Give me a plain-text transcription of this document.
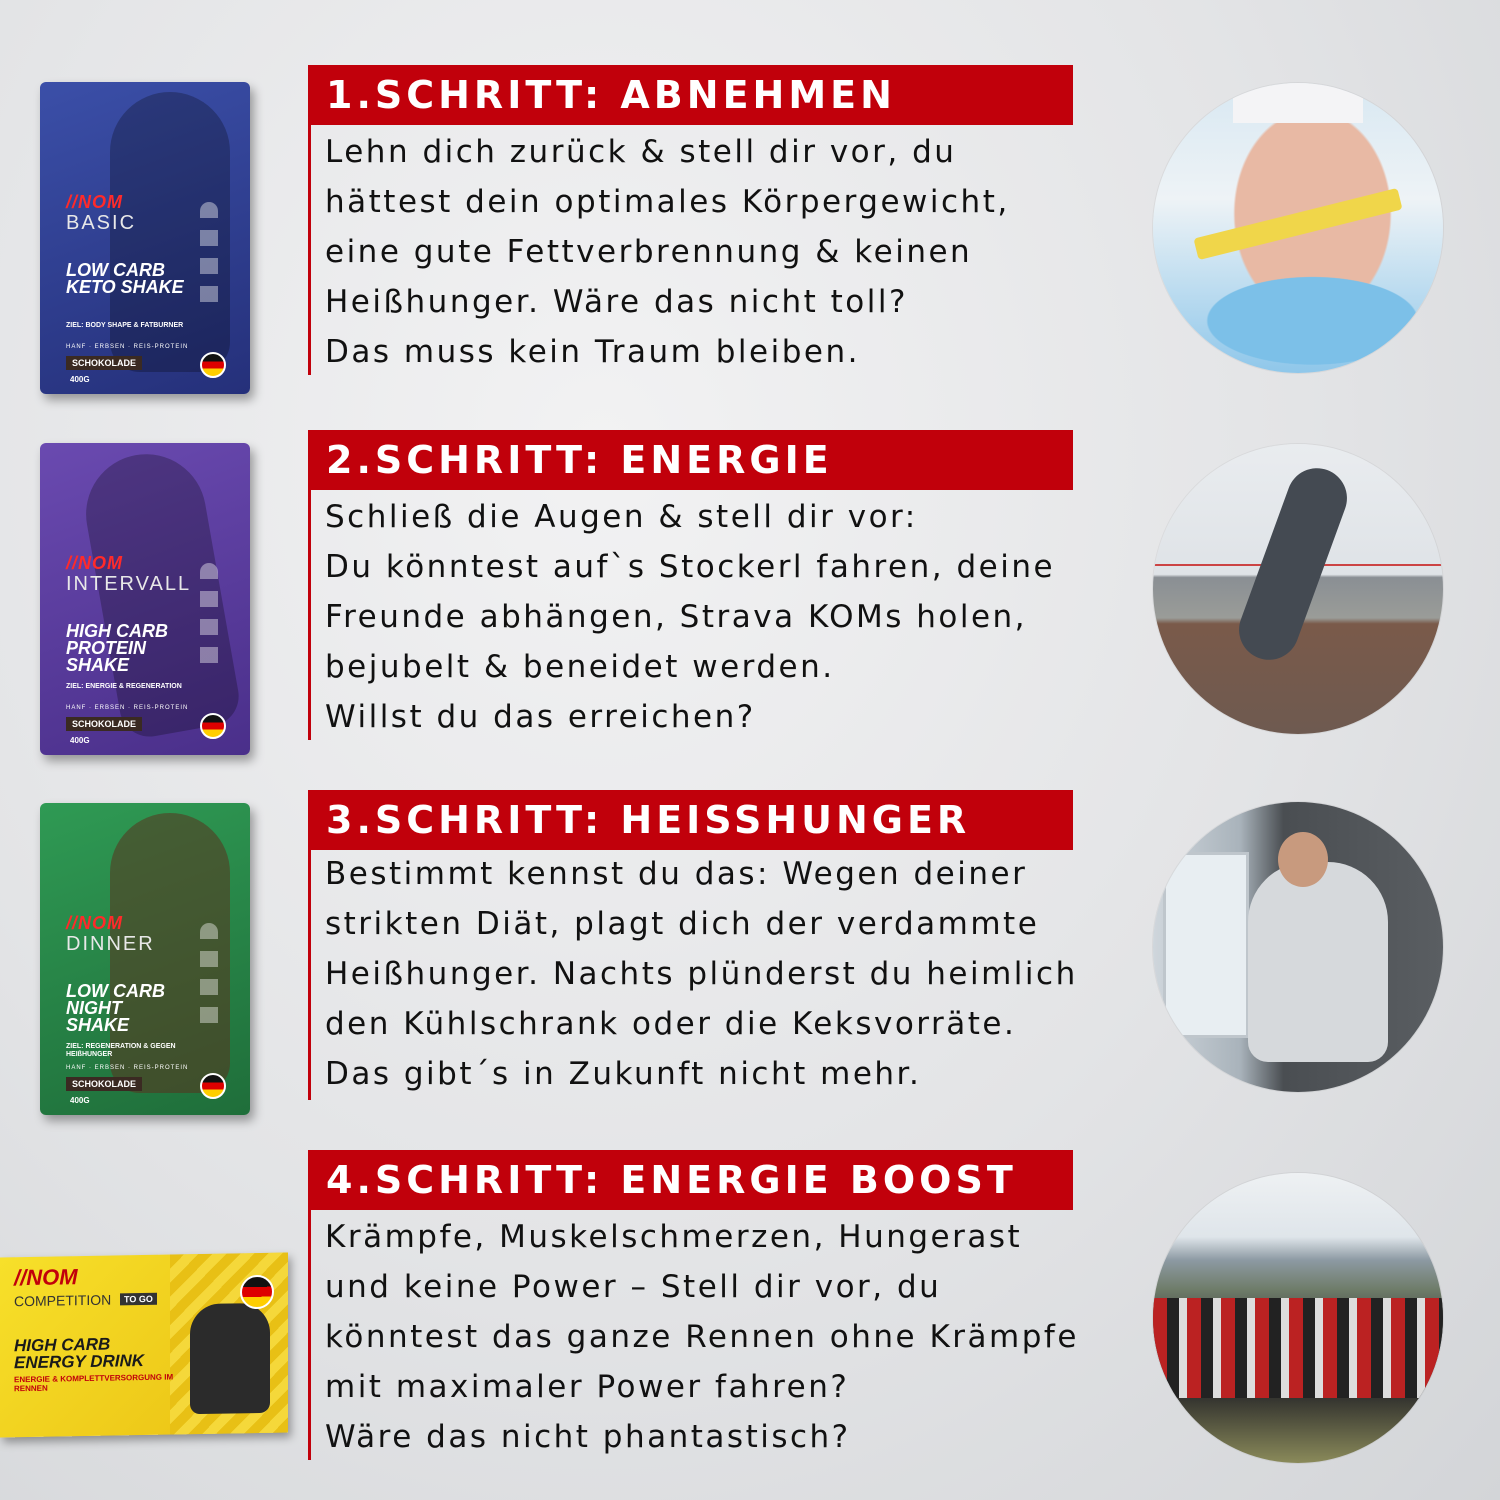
//NOM
BASIC
LOW CARB KETO SHAKE
ZIEL: BODY SHAPE & FATBURNER
HANF · ERBSEN · REIS-PROTEIN
SCHOKOLADE
400G
1.SCHRITT: ABNEHMEN
Lehn dich zurück & stell dir vor, du
hättest dein optimales Körpergewicht,
eine gute Fettverbrennung & keinen
Heißhunger. Wäre das nicht toll?
Das muss kein Traum bleiben.
//NOM
INTERVALL
HIGH CARB PROTEIN SHAKE
ZIEL: ENERGIE & REGENERATION
HANF · ERBSEN · REIS-PROTEIN
SCHOKOLADE
400G
2.SCHRITT: ENERGIE
Schließ die Augen & stell dir vor:
Du könntest auf`s Stockerl fahren, deine
Freunde abhängen, Strava KOMs holen,
bejubelt & beneidet werden.
Willst du das erreichen?
//NOM
DINNER
LOW CARB NIGHT SHAKE
ZIEL: REGENERATION & GEGEN HEIßHUNGER
HANF · ERBSEN · REIS-PROTEIN
SCHOKOLADE
400G
3.SCHRITT: HEISSHUNGER
Bestimmt kennst du das: Wegen deiner
strikten Diät, plagt dich der verdammte
Heißhunger. Nachts plünderst du heimlich
den Kühlschrank oder die Keksvorräte.
Das gibt´s in Zukunft nicht mehr.
//NOM
COMPETITION	TO GO
HIGH CARB ENERGY DRINK
ENERGIE & KOMPLETTVERSORGUNG IM RENNEN
4.SCHRITT: ENERGIE BOOST
Krämpfe, Muskelschmerzen, Hungerast
und keine Power – Stell dir vor, du
könntest das ganze Rennen ohne Krämpfe
mit maximaler Power fahren?
Wäre das nicht phantastisch?
